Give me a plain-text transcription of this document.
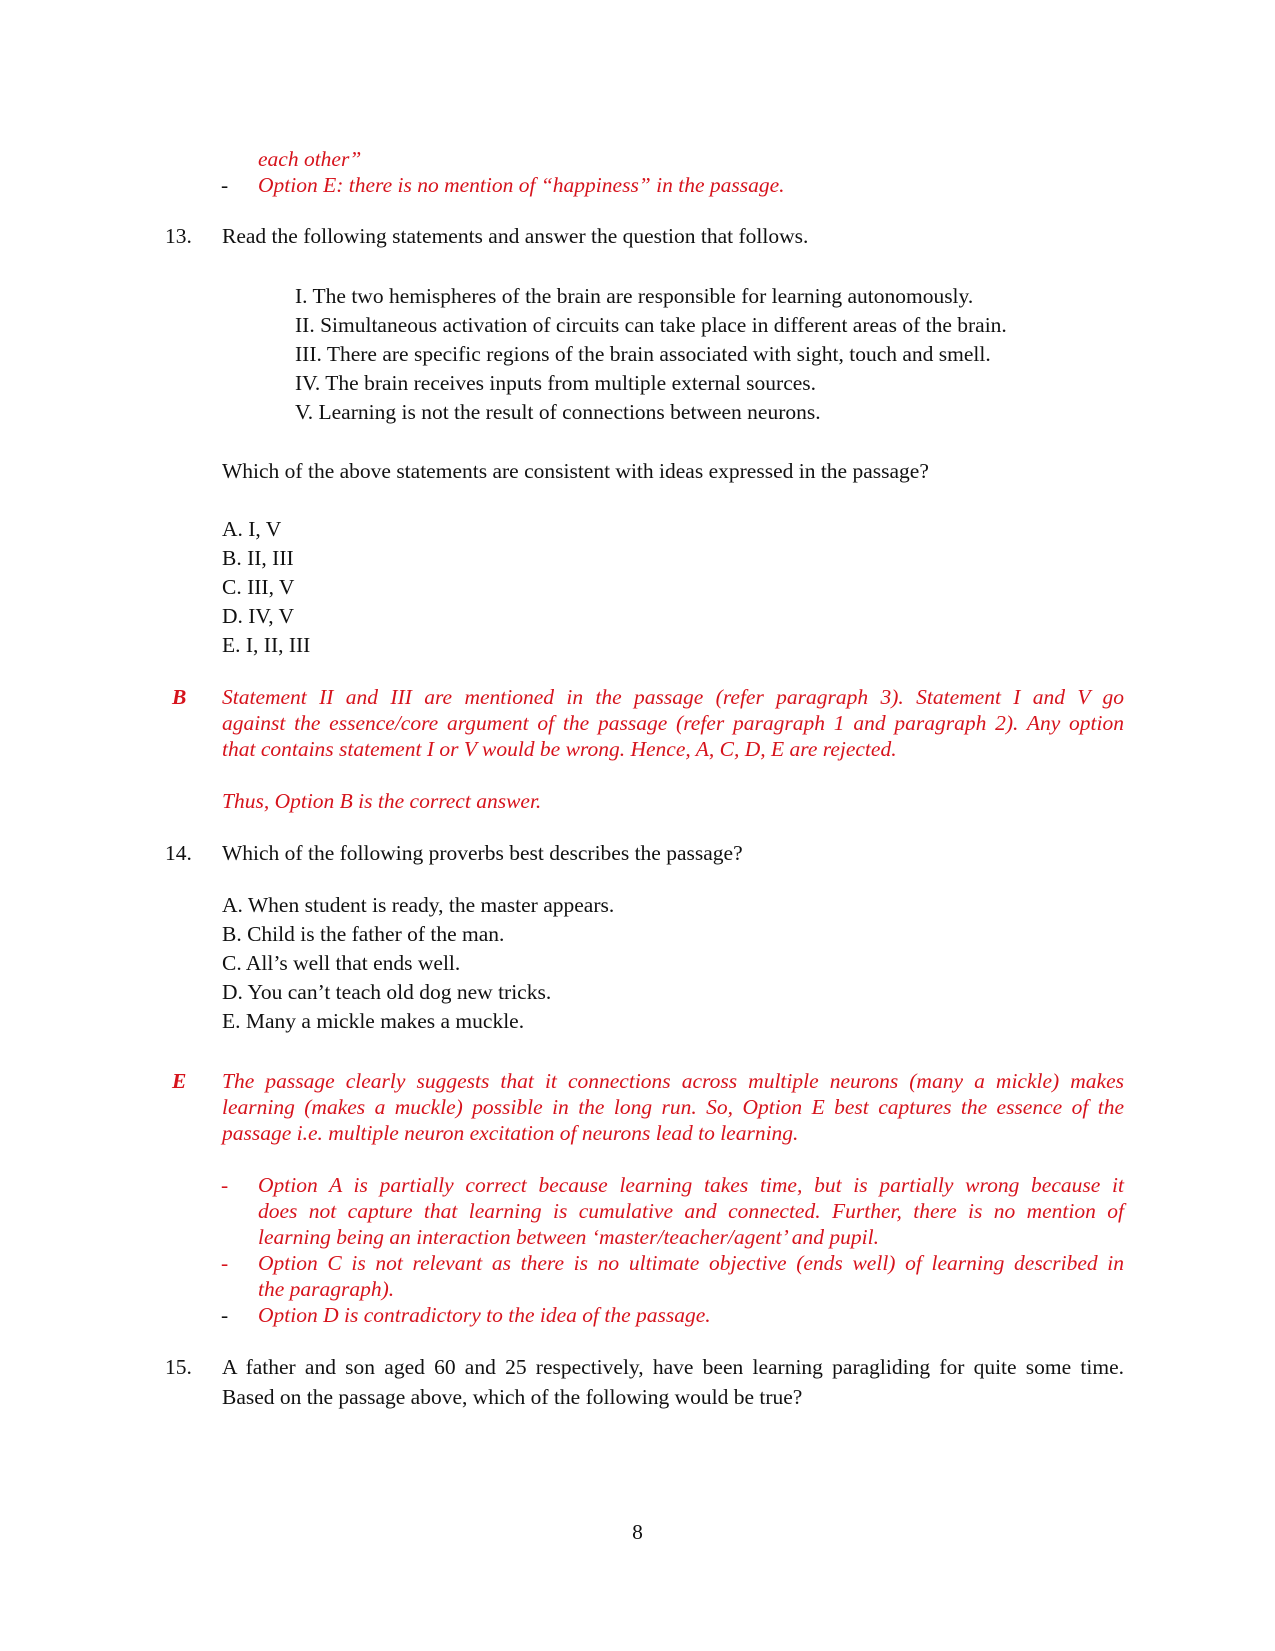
each other”
- Option E: there is no mention of “happiness” in the passage.
13. Read the following statements and answer the question that follows.
I. The two hemispheres of the brain are responsible for learning autonomously.
II. Simultaneous activation of circuits can take place in different areas of the brain.
III. There are specific regions of the brain associated with sight, touch and smell.
IV. The brain receives inputs from multiple external sources.
V. Learning is not the result of connections between neurons.
Which of the above statements are consistent with ideas expressed in the passage?
A. I, V
B. II, III
C. III, V
D. IV, V
E. I, II, III
B Statement II and III are mentioned in the passage (refer paragraph 3). Statement I and V go
against the essence/core argument of the passage (refer paragraph 1 and paragraph 2). Any option
that contains statement I or V would be wrong. Hence, A, C, D, E are rejected.
Thus, Option B is the correct answer.
14. Which of the following proverbs best describes the passage?
A. When student is ready, the master appears.
B. Child is the father of the man.
C. All’s well that ends well.
D. You can’t teach old dog new tricks.
E. Many a mickle makes a muckle.
E The passage clearly suggests that it connections across multiple neurons (many a mickle) makes
learning (makes a muckle) possible in the long run. So, Option E best captures the essence of the
passage i.e. multiple neuron excitation of neurons lead to learning.
- Option A is partially correct because learning takes time, but is partially wrong because it
does not capture that learning is cumulative and connected. Further, there is no mention of
learning being an interaction between ‘master/teacher/agent’ and pupil.
- Option C is not relevant as there is no ultimate objective (ends well) of learning described in
the paragraph).
- Option D is contradictory to the idea of the passage.
15. A father and son aged 60 and 25 respectively, have been learning paragliding for quite some time.
Based on the passage above, which of the following would be true?
8
